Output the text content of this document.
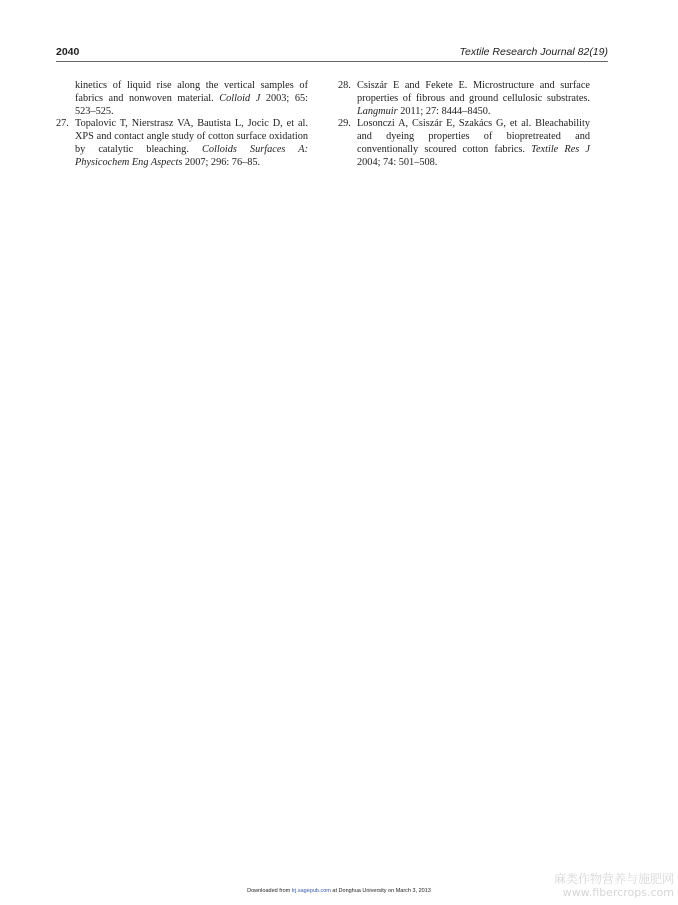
2040	Textile Research Journal 82(19)
kinetics of liquid rise along the vertical samples of fabrics and nonwoven material. Colloid J 2003; 65: 523–525.
27. Topalovic T, Nierstrasz VA, Bautista L, Jocic D, et al. XPS and contact angle study of cotton surface oxidation by catalytic bleaching. Colloids Surfaces A: Physicochem Eng Aspects 2007; 296: 76–85.
28. Csiszár E and Fekete E. Microstructure and surface properties of fibrous and ground cellulosic substrates. Langmuir 2011; 27: 8444–8450.
29. Losonczi A, Csiszár E, Szakács G, et al. Bleachability and dyeing properties of biopretreated and conventionally scoured cotton fabrics. Textile Res J 2004; 74: 501–508.
Downloaded from trj.sagepub.com at Donghua University on March 3, 2013
麻类作物营养与施肥网
www.fibercrops.com
